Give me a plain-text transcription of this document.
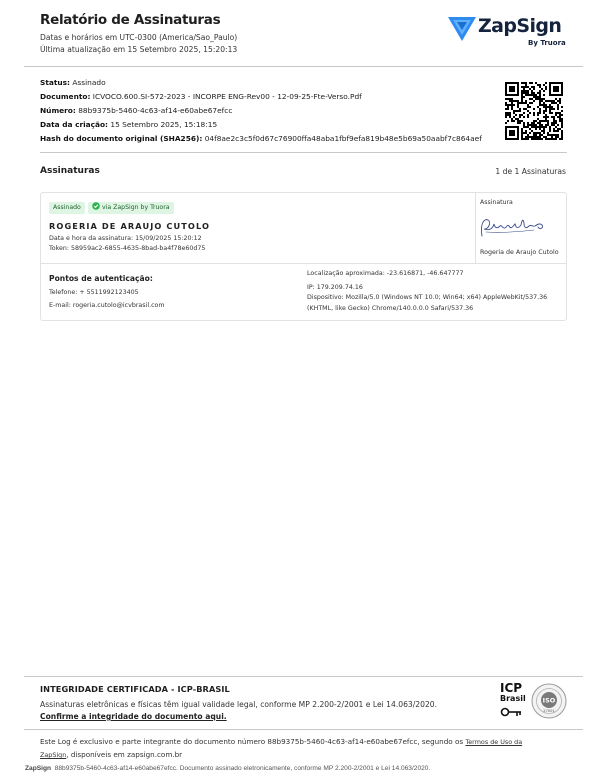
Relatório de Assinaturas
Datas e horários em UTC-0300 (America/Sao_Paulo)
Última atualização em 15 Setembro 2025, 15:20:13
ZapSign
By Truora
Status: Assinado
Documento: ICVOCO.600.SI-572-2023 - INCORPE ENG-Rev00 - 12-09-25-Fte-Verso.Pdf
Número: 88b9375b-5460-4c63-af14-e60abe67efcc
Data da criação: 15 Setembro 2025, 15:18:15
Hash do documento original (SHA256): 04f8ae2c3c5f0d67c76900ffa48aba1fbf9efa819b48e5b69a50aabf7c864aef
Assinaturas	1 de 1 Assinaturas
Assinado	via ZapSign by Truora
ROGERIA DE ARAUJO CUTOLO
Data e hora da assinatura: 15/09/2025 15:20:12
Token: 58959ac2-6855-4635-8bad-ba4f78e60d75
Assinatura
Rogeria de Araujo Cutolo
Pontos de autenticação:
Telefone: + 5511992123405
E-mail: rogeria.cutolo@icvbrasil.com
Localização aproximada: -23.616871, -46.647777
IP: 179.209.74.16
Dispositivo: Mozilla/5.0 (Windows NT 10.0; Win64; x64) AppleWebKit/537.36
(KHTML, like Gecko) Chrome/140.0.0.0 Safari/537.36
INTEGRIDADE CERTIFICADA - ICP-BRASIL
Assinaturas eletrônicas e físicas têm igual validade legal, conforme MP 2.200-2/2001 e Lei 14.063/2020.
Confirme a integridade do documento aqui.
ICP
Brasil	ISO
27001
Este Log é exclusivo e parte integrante do documento número 88b9375b-5460-4c63-af14-e60abe67efcc, segundo os Termos de Uso da
ZapSign, disponíveis em zapsign.com.br
ZapSign 88b9375b-5460-4c63-af14-e60abe67efcc. Documento assinado eletronicamente, conforme MP 2.200-2/2001 e Lei 14.063/2020.
